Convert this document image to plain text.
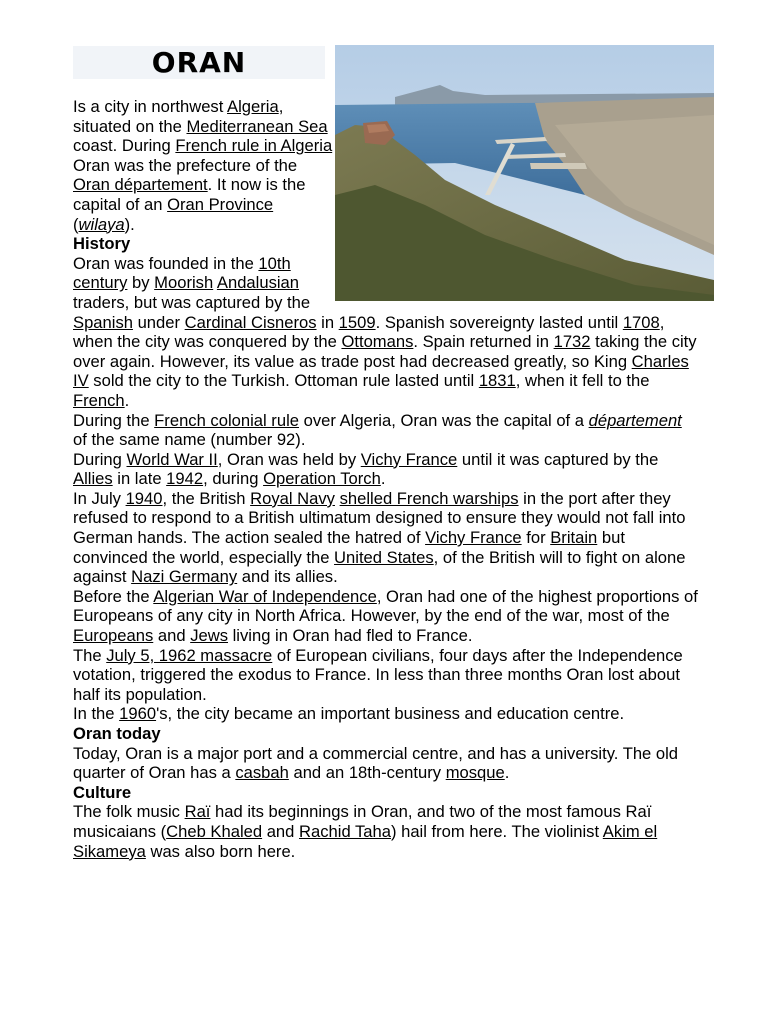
ORAN

Is a city in northwest Algeria, situated on the Mediterranean Sea coast. During French rule in Algeria Oran was the prefecture of the Oran département. It now is the capital of an Oran Province (wilaya).

History

Oran was founded in the 10th century by Moorish Andalusian traders, but was captured by the Spanish under Cardinal Cisneros in 1509. Spanish sovereignty lasted until 1708, when the city was conquered by the Ottomans. Spain returned in 1732 taking the city over again. However, its value as trade post had decreased greatly, so King Charles IV sold the city to the Turkish. Ottoman rule lasted until 1831, when it fell to the French.

During the French colonial rule over Algeria, Oran was the capital of a département of the same name (number 92).

During World War II, Oran was held by Vichy France until it was captured by the Allies in late 1942, during Operation Torch.

In July 1940, the British Royal Navy shelled French warships in the port after they refused to respond to a British ultimatum designed to ensure they would not fall into German hands. The action sealed the hatred of Vichy France for Britain but convinced the world, especially the United States, of the British will to fight on alone against Nazi Germany and its allies.

Before the Algerian War of Independence, Oran had one of the highest proportions of Europeans of any city in North Africa. However, by the end of the war, most of the Europeans and Jews living in Oran had fled to France.

The July 5, 1962 massacre of European civilians, four days after the Independence votation, triggered the exodus to France. In less than three months Oran lost about half its population.

In the 1960's, the city became an important business and education centre.

Oran today

Today, Oran is a major port and a commercial centre, and has a university. The old quarter of Oran has a casbah and an 18th-century mosque.

Culture

The folk music Raï had its beginnings in Oran, and two of the most famous Raï musicaians (Cheb Khaled and Rachid Taha) hail from here. The violinist Akim el Sikameya was also born here.
